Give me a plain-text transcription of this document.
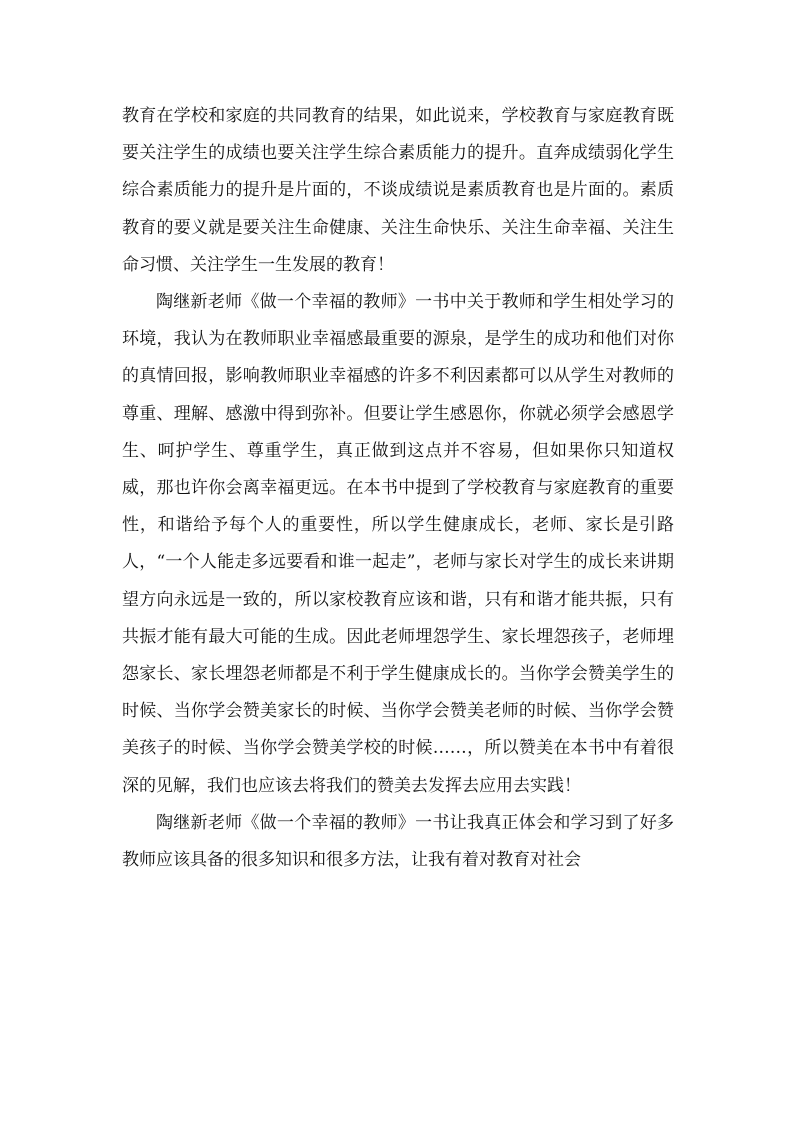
教育在学校和家庭的共同教育的结果，如此说来，学校教育与家庭教育既要关注学生的成绩也要关注学生综合素质能力的提升。直奔成绩弱化学生综合素质能力的提升是片面的，不谈成绩说是素质教育也是片面的。素质教育的要义就是要关注生命健康、关注生命快乐、关注生命幸福、关注生命习惯、关注学生一生发展的教育！

陶继新老师《做一个幸福的教师》一书中关于教师和学生相处学习的环境，我认为在教师职业幸福感最重要的源泉，是学生的成功和他们对你的真情回报，影响教师职业幸福感的许多不利因素都可以从学生对教师的尊重、理解、感激中得到弥补。但要让学生感恩你，你就必须学会感恩学生、呵护学生、尊重学生，真正做到这点并不容易，但如果你只知道权威，那也许你会离幸福更远。在本书中提到了学校教育与家庭教育的重要性，和谐给予每个人的重要性，所以学生健康成长，老师、家长是引路人，“一个人能走多远要看和谁一起走”，老师与家长对学生的成长来讲期望方向永远是一致的，所以家校教育应该和谐，只有和谐才能共振，只有共振才能有最大可能的生成。因此老师埋怨学生、家长埋怨孩子，老师埋怨家长、家长埋怨老师都是不利于学生健康成长的。当你学会赞美学生的时候、当你学会赞美家长的时候、当你学会赞美老师的时候、当你学会赞美孩子的时候、当你学会赞美学校的时候……，所以赞美在本书中有着很深的见解，我们也应该去将我们的赞美去发挥去应用去实践！

陶继新老师《做一个幸福的教师》一书让我真正体会和学习到了好多教师应该具备的很多知识和很多方法，让我有着对教育对社会
